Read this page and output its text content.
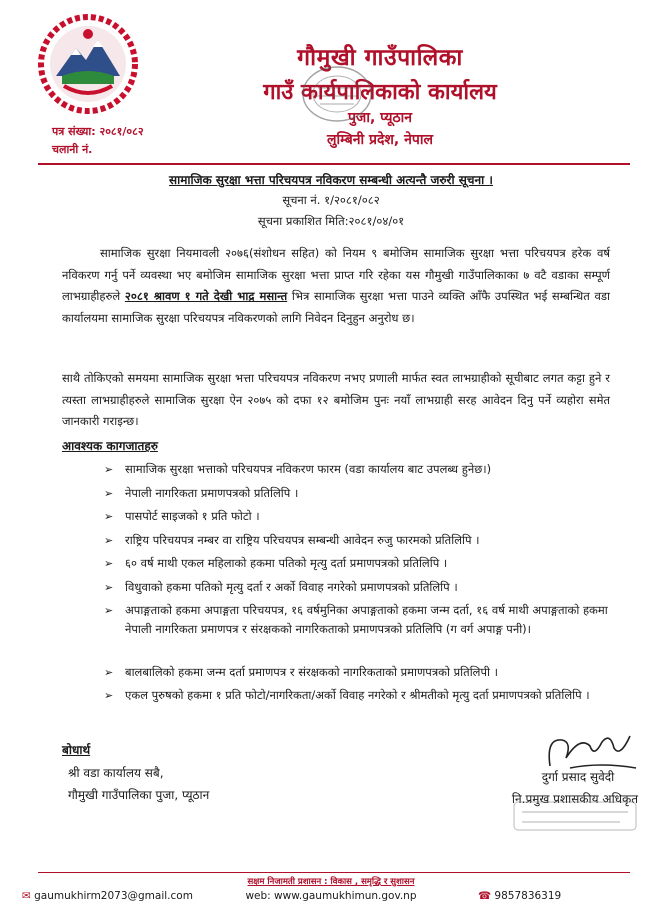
गौमुखी गाउँपालिका
गाउँ कार्यपालिकाको कार्यालय
पुजा, प्यूठान
लुम्बिनी प्रदेश, नेपाल
पत्र संख्या: २०८१/०८२
चलानी नं.
सामाजिक सुरक्षा भत्ता परिचयपत्र नविकरण सम्बन्धी अत्यन्तै जरुरी सूचना ।
सूचना नं. १/२०८१/०८२
सूचना प्रकाशित मिति:२०८१/०४/०१
सामाजिक सुरक्षा नियमावली २०७६(संशोधन सहित) को नियम ९ बमोजिम सामाजिक सुरक्षा भत्ता परिचयपत्र हरेक वर्ष नविकरण गर्नु पर्ने व्यवस्था भए बमोजिम सामाजिक सुरक्षा भत्ता प्राप्त गरि रहेका यस गौमुखी गाउँपालिकाका ७ वटै वडाका सम्पूर्ण लाभग्राहीहरुले २०८१ श्रावण १ गते देखी भाद्र मसान्त भित्र सामाजिक सुरक्षा भत्ता पाउने व्यक्ति आँफै उपस्थित भई सम्बन्धित वडा कार्यालयमा सामाजिक सुरक्षा परिचयपत्र नविकरणको लागि निवेदन दिनुहुन अनुरोध छ।
साथै तोकिएको समयमा सामाजिक सुरक्षा भत्ता परिचयपत्र नविकरण नभए प्रणाली मार्फत स्वत लाभग्राहीको सूचीबाट लगत कट्टा हुने र त्यस्ता लाभग्राहीहरुले सामाजिक सुरक्षा ऐन २०७५ को दफा १२ बमोजिम पुनः नयाँ लाभग्राही सरह आवेदन दिनु पर्ने व्यहोरा समेत जानकारी गराइन्छ।
आवश्यक कागजातहरु
➢ सामाजिक सुरक्षा भत्ताको परिचयपत्र नविकरण फारम (वडा कार्यालय बाट उपलब्ध हुनेछ।)
➢ नेपाली नागरिकता प्रमाणपत्रको प्रतिलिपि ।
➢ पासपोर्ट साइजको १ प्रति फोटो ।
➢ राष्ट्रिय परिचयपत्र नम्बर वा राष्ट्रिय परिचयपत्र सम्बन्धी आवेदन रुजु फारमको प्रतिलिपि ।
➢ ६० वर्ष माथी एकल महिलाको हकमा पतिको मृत्यु दर्ता प्रमाणपत्रको प्रतिलिपि ।
➢ विधुवाको हकमा पतिको मृत्यु दर्ता र अर्को विवाह नगरेको प्रमाणपत्रको प्रतिलिपि ।
➢ अपाङ्गताको हकमा अपाङ्गता परिचयपत्र, १६ वर्षमुनिका अपाङ्गताको हकमा जन्म दर्ता, १६ वर्ष माथी अपाङ्गताको हकमा नेपाली नागरिकता प्रमाणपत्र र संरक्षकको नागरिकताको प्रमाणपत्रको प्रतिलिपि (ग वर्ग अपाङ्ग पनी)।
➢ बालबालिको हकमा जन्म दर्ता प्रमाणपत्र र संरक्षकको नागरिकताको प्रमाणपत्रको प्रतिलिपी ।
➢ एकल पुरुषको हकमा १ प्रति फोटो/नागरिकता/अर्को विवाह नगरेको र श्रीमतीको मृत्यु दर्ता प्रमाणपत्रको प्रतिलिपि ।
बोधार्थ
श्री वडा कार्यालय सबै,
गौमुखी गाउँपालिका पुजा, प्यूठान
दुर्गा प्रसाद सुवेदी
नि.प्रमुख प्रशासकीय अधिकृत
सक्षम निजामती प्रशासन : विकास , समृद्धि र सुशासन
✉ gaumukhirm2073@gmail.com	web: www.gaumukhimun.gov.np	☎ 9857836319
